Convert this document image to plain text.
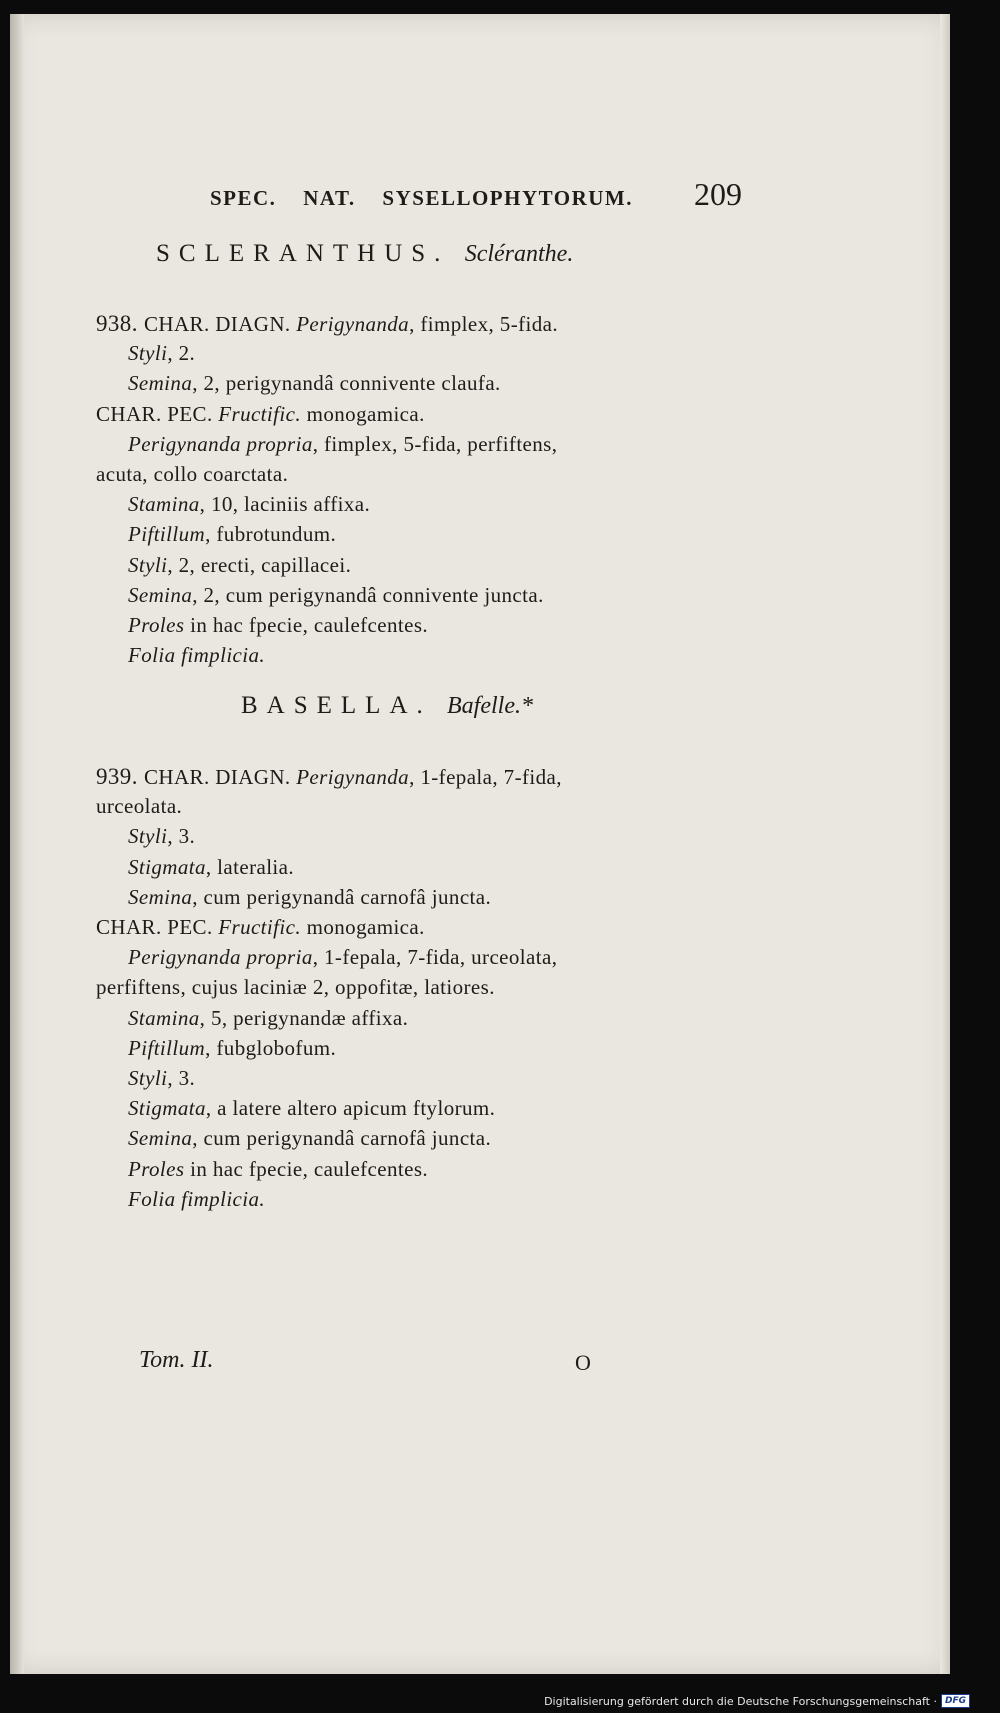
SPEC. NAT. SYSELLOPHYTORUM. 209
SCLERANTHUS. Scléranthe.
938. CHAR. DIAGN. Perigynanda, fimplex, 5-fida.
Styli, 2.
Semina, 2, perigynandâ connivente claufa.
CHAR. PEC. Fructific. monogamica.
Perigynanda propria, fimplex, 5-fida, perfiftens,
acuta, collo coarctata.
Stamina, 10, laciniis affixa.
Piftillum, fubrotundum.
Styli, 2, erecti, capillacei.
Semina, 2, cum perigynandâ connivente juncta.
Proles in hac fpecie, caulefcentes.
Folia fimplicia.
BASELLA. Bafelle.*
939. CHAR. DIAGN. Perigynanda, 1-fepala, 7-fida,
urceolata.
Styli, 3.
Stigmata, lateralia.
Semina, cum perigynandâ carnofâ juncta.
CHAR. PEC. Fructific. monogamica.
Perigynanda propria, 1-fepala, 7-fida, urceolata,
perfiftens, cujus laciniæ 2, oppofitæ, latiores.
Stamina, 5, perigynandæ affixa.
Piftillum, fubglobofum.
Styli, 3.
Stigmata, a latere altero apicum ftylorum.
Semina, cum perigynandâ carnofâ juncta.
Proles in hac fpecie, caulefcentes.
Folia fimplicia.
Tom. II.	O
Digitalisierung gefördert durch die Deutsche Forschungsgemeinschaft · DFG
